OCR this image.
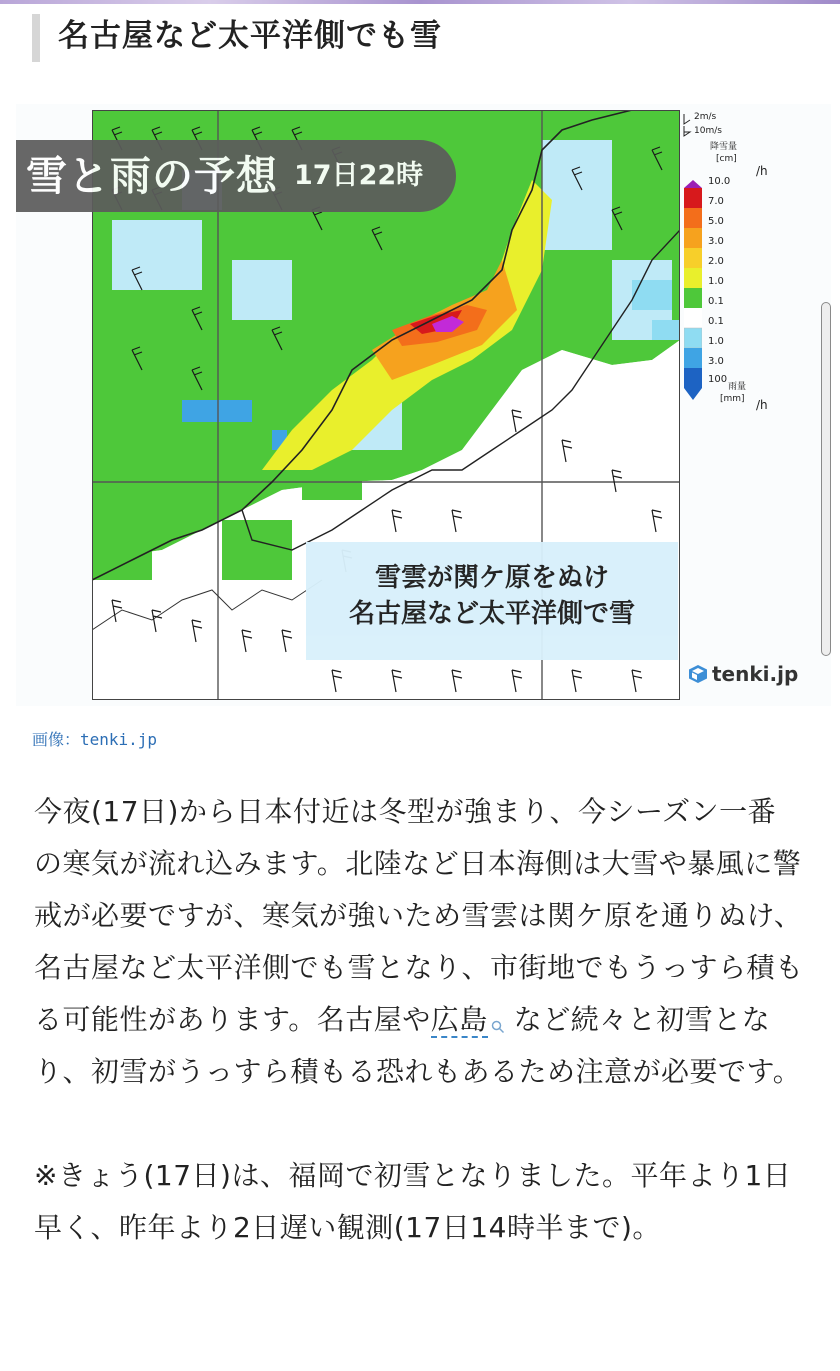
名古屋など太平洋側でも雪
雪と雨の予想 17日22時
雪雲が関ケ原をぬけ
名古屋など太平洋側で雪
2m/s
10m/s
降雪量
[cm]
/h
10.0
7.0
5.0
3.0
2.0
1.0
0.1
0.1
1.0
3.0
100
雨量
[mm] /h
tenki.jp
画像：tenki.jp

今夜(17日)から日本付近は冬型が強まり、今シーズン一番の寒気が流れ込みます。北陸など日本海側は大雪や暴風に警戒が必要ですが、寒気が強いため雪雲は関ケ原を通りぬけ、名古屋など太平洋側でも雪となり、市街地でもうっすら積もる可能性があります。名古屋や広島 など続々と初雪となり、初雪がうっすら積もる恐れもあるため注意が必要です。

※きょう(17日)は、福岡で初雪となりました。平年より1日早く、昨年より2日遅い観測(17日14時半まで)。
